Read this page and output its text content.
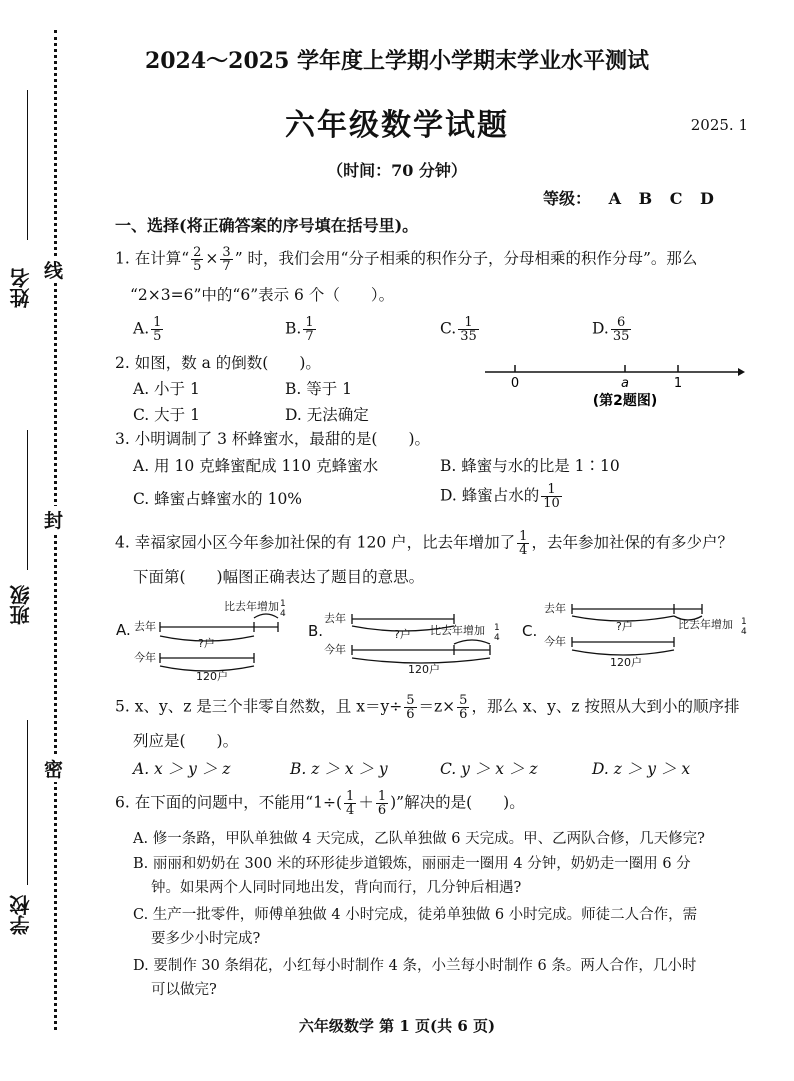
姓名
班级
学校
线
封
密
2024～2025 学年度上学期小学期末学业水平测试
六年级数学试题	2025. 1
（时间：70 分钟）
等级： A B C D
一、选择(将正确答案的序号填在括号里)。
1. 在计算“ $\frac{2}{5} \times \frac{3}{7}$ ” 时，我们会用“分子相乘的积作分子，分母相乘的积作分母”。那么
“2×3=6”中的“6”表示 6 个（　　）。
A. $\frac{1}{5}$	B. $\frac{1}{7}$	C. $\frac{1}{35}$	D. $\frac{6}{35}$
2. 如图，数 a 的倒数(　　)。
A. 小于 1	B. 等于 1
C. 大于 1	D. 无法确定
0	a	1
(第2题图)
3. 小明调制了 3 杯蜂蜜水，最甜的是(　　)。
A. 用 10 克蜂蜜配成 110 克蜂蜜水	B. 蜂蜜与水的比是 1∶10
C. 蜂蜜占蜂蜜水的 10%	D. 蜂蜜占水的 $\frac{1}{10}$
4. 幸福家园小区今年参加社保的有 120 户，比去年增加了 $\frac{1}{4}$ ，去年参加社保的有多少户？
下面第(　　)幅图正确表达了题目的意思。
A. 去年
?户
今年
120户
比去年增加 1
4
B.
去年
?户
今年
120户
比去年增加 1
4 C.
去年
?户
今年
120户
比去年增加 1
4
5. x、y、z 是三个非零自然数，且 $x=y\div \frac{5}{6} =z\times \frac{5}{6}$ ，那么 x、y、z 按照从大到小的顺序排
列应是(　　)。
A. x ＞ y ＞ z	B. z ＞ x ＞ y	C. y ＞ x ＞ z	D. z ＞ y ＞ x
6. 在下面的问题中，不能用“$1\div( \frac{1}{4} + \frac{1}{6}$ )”解决的是(　　)。
A. 修一条路，甲队单独做 4 天完成，乙队单独做 6 天完成。甲、乙两队合修，几天修完?
B. 丽丽和奶奶在 300 米的环形徒步道锻炼，丽丽走一圈用 4 分钟，奶奶走一圈用 6 分
钟。如果两个人同时同地出发，背向而行，几分钟后相遇?
C. 生产一批零件，师傅单独做 4 小时完成，徒弟单独做 6 小时完成。师徒二人合作，需
要多少小时完成?
D. 要制作 30 条绢花，小红每小时制作 4 条，小兰每小时制作 6 条。两人合作，几小时
可以做完?
六年级数学 第 1 页(共 6 页)
